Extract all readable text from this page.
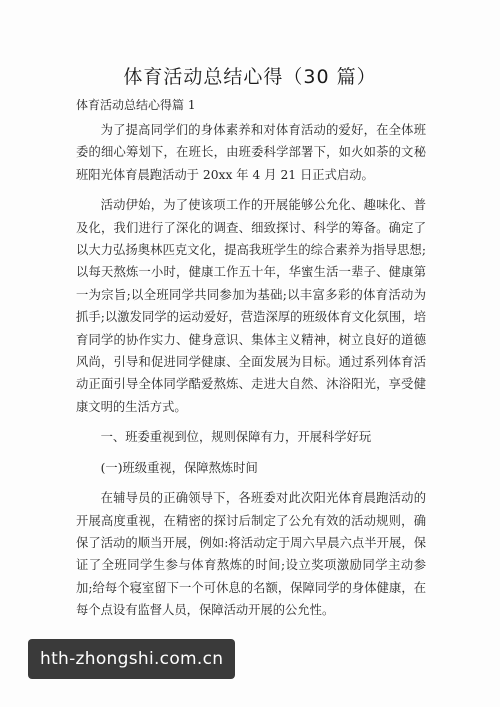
体育活动总结心得（30 篇）
体育活动总结心得篇 1

为了提高同学们的身体素养和对体育活动的爱好，在全体班委的细心筹划下，在班长，由班委科学部署下，如火如荼的文秘班阳光体育晨跑活动于 20xx 年 4 月 21 日正式启动。

活动伊始，为了使该项工作的开展能够公允化、趣味化、普及化，我们进行了深化的调查、细致探讨、科学的筹备。确定了以大力弘扬奥林匹克文化，提高我班学生的综合素养为指导思想;以每天熬炼一小时，健康工作五十年，华蜜生活一辈子、健康第一为宗旨;以全班同学共同参加为基础;以丰富多彩的体育活动为抓手;以激发同学的运动爱好，营造深厚的班级体育文化氛围，培育同学的协作实力、健身意识、集体主义精神，树立良好的道德风尚，引导和促进同学健康、全面发展为目标。通过系列体育活动正面引导全体同学酷爱熬炼、走进大自然、沐浴阳光，享受健康文明的生活方式。

一、班委重视到位，规则保障有力，开展科学好玩

(一)班级重视，保障熬炼时间

在辅导员的正确领导下，各班委对此次阳光体育晨跑活动的开展高度重视，在精密的探讨后制定了公允有效的活动规则，确保了活动的顺当开展，例如:将活动定于周六早晨六点半开展，保证了全班同学生参与体育熬炼的时间;设立奖项激励同学主动参加;给每个寝室留下一个可休息的名额，保障同学的身体健康，在每个点设有监督人员，保障活动开展的公允性。

hth-zhongshi.com.cn
